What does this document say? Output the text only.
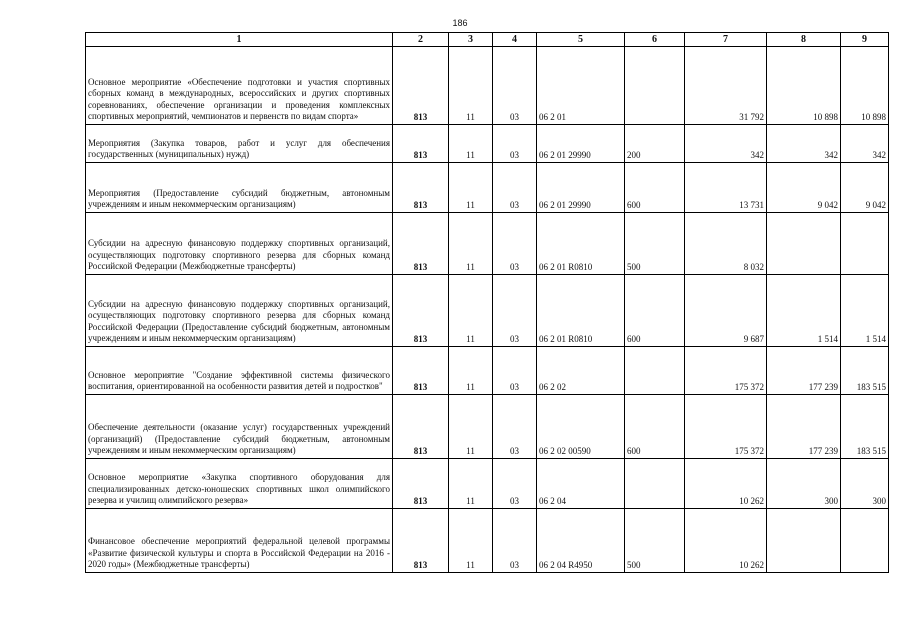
186
1	2	3	4	5	6	7	8	9
Основное мероприятие «Обеспечение подготовки и участия спортивных сборных команд в международных, всероссийских и других спортивных соревнованиях, обеспечение организации и проведения комплексных спортивных мероприятий, чемпионатов и первенств по видам спорта»	813	11	03	06 2 01		31 792	10 898	10 898
Мероприятия (Закупка товаров, работ и услуг для обеспечения государственных (муниципальных) нужд)	813	11	03	06 2 01 29990	200	342	342	342
Мероприятия (Предоставление субсидий бюджетным, автономным учреждениям и иным некоммерческим организациям)	813	11	03	06 2 01 29990	600	13 731	9 042	9 042
Субсидии на адресную финансовую поддержку спортивных организаций, осуществляющих подготовку спортивного резерва для сборных команд Российской Федерации (Межбюджетные трансферты)	813	11	03	06 2 01 R0810	500	8 032		
Субсидии на адресную финансовую поддержку спортивных организаций, осуществляющих подготовку спортивного резерва для сборных команд Российской Федерации (Предоставление субсидий бюджетным, автономным учреждениям и иным некоммерческим организациям)	813	11	03	06 2 01 R0810	600	9 687	1 514	1 514
Основное мероприятие "Создание эффективной системы физического воспитания, ориентированной на особенности развития детей и подростков"	813	11	03	06 2 02		175 372	177 239	183 515
Обеспечение деятельности (оказание услуг) государственных учреждений (организаций) (Предоставление субсидий бюджетным, автономным учреждениям и иным некоммерческим организациям)	813	11	03	06 2 02 00590	600	175 372	177 239	183 515
Основное мероприятие «Закупка спортивного оборудования для специализированных детско-юношеских спортивных школ олимпийского резерва и училищ олимпийского резерва»	813	11	03	06 2 04		10 262	300	300
Финансовое обеспечение мероприятий федеральной целевой программы «Развитие физической культуры и спорта в Российской Федерации на 2016 - 2020 годы» (Межбюджетные трансферты)	813	11	03	06 2 04 R4950	500	10 262		
